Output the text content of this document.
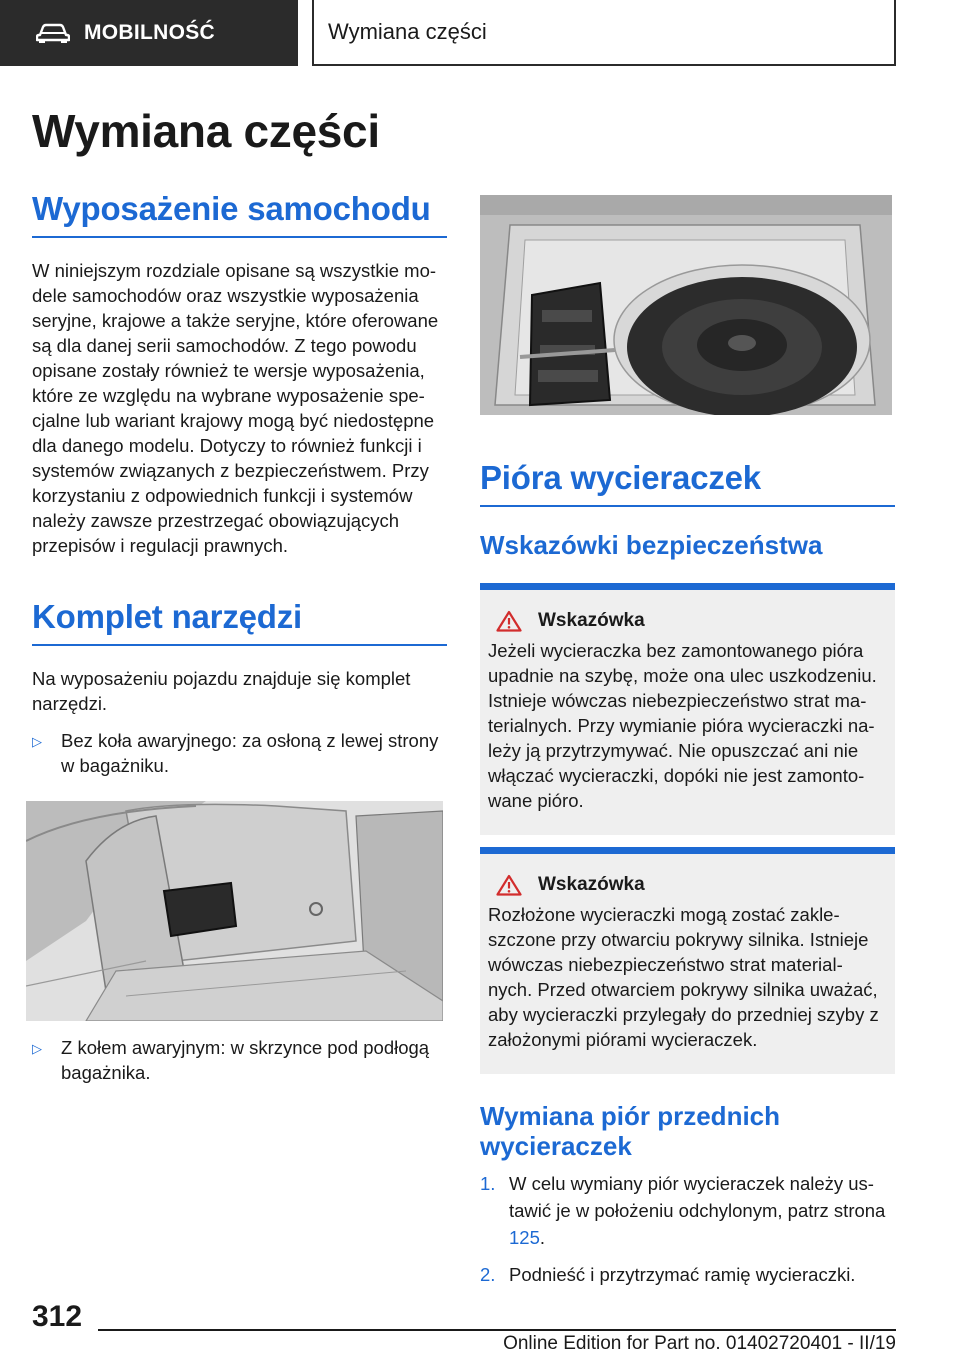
MOBILNOŚĆ	Wymiana części
Wymiana części
Wyposażenie samochodu

W niniejszym rozdziale opisane są wszystkie mo-dele samochodów oraz wszystkie wyposażenia seryjne, krajowe a także seryjne, które oferowane są dla danej serii samochodów. Z tego powodu opisane zostały również te wersje wyposażenia, które ze względu na wybrane wyposażenie spe-cjalne lub wariant krajowy mogą być niedostępne dla danego modelu. Dotyczy to również funkcji i systemów związanych z bezpieczeństwem. Przy korzystaniu z odpowiednich funkcji i systemów należy zawsze przestrzegać obowiązujących przepisów i regulacji prawnych.

Komplet narzędzi

Na wyposażeniu pojazdu znajduje się komplet narzędzi.

▷	Bez koła awaryjnego: za osłoną z lewej strony w bagażniku.
▷	Z kołem awaryjnym: w skrzynce pod podłogą bagażnika.
Pióra wycieraczek
Wskazówki bezpieczeństwa
Wskazówka

Jeżeli wycieraczka bez zamontowanego pióra upadnie na szybę, może ona ulec uszkodzeniu. Istnieje wówczas niebezpieczeństwo strat ma-terialnych. Przy wymianie pióra wycieraczki na-leży ją przytrzymywać. Nie opuszczać ani nie włączać wycieraczki, dopóki nie jest zamonto-wane pióro.

Wskazówka

Rozłożone wycieraczki mogą zostać zakle-szczone przy otwarciu pokrywy silnika. Istnieje wówczas niebezpieczeństwo strat material-nych. Przed otwarciem pokrywy silnika uważać, aby wycieraczki przylegały do przedniej szyby z założonymi piórami wycieraczek.

Wymiana piór przednich wycieraczek
1. W celu wymiany piór wycieraczek należy us-tawić je w położeniu odchylonym, patrz strona 125.
2. Podnieść i przytrzymać ramię wycieraczki.
312
Online Edition for Part no. 01402720401 - II/19
